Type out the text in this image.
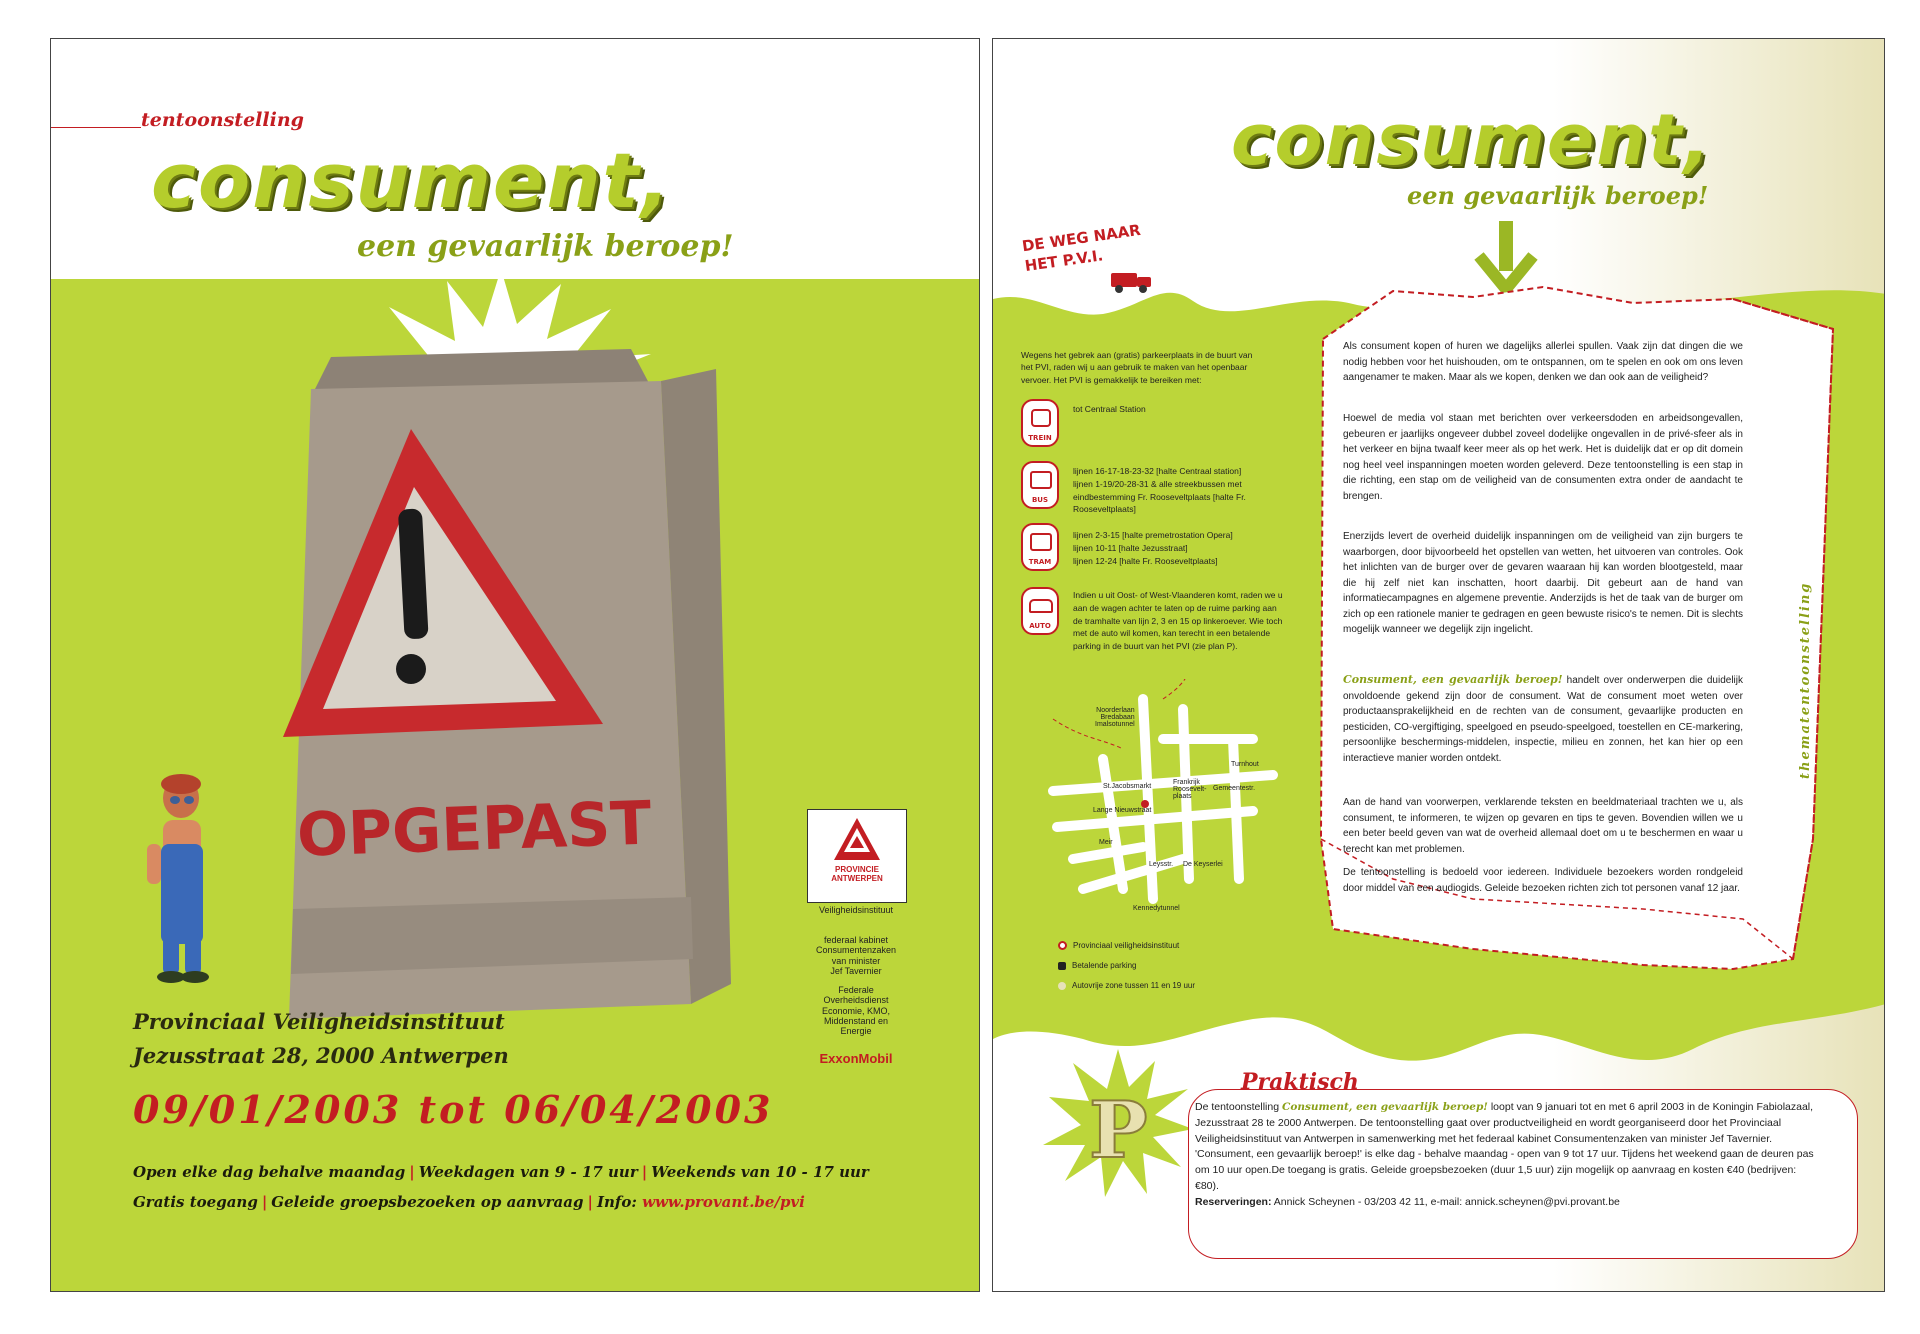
tentoonstelling
consument,
een gevaarlijk beroep!
OPGEPAST	PROVINCIE
ANTWERPEN
Veiligheidsinstituut
federaal kabinet
Consumentenzaken
van minister
Jef Tavernier
Federale
Overheidsdienst
Economie, KMO,
Middenstand en
Energie
ExxonMobil
Provinciaal Veiligheidsinstituut
Jezusstraat 28, 2000 Antwerpen
09/01/2003 tot 06/04/2003
Open elke dag behalve maandag | Weekdagen van 9 - 17 uur | Weekends van 10 - 17 uur
Gratis toegang | Geleide groepsbezoeken op aanvraag | Info: www.provant.be/pvi
consument,
een gevaarlijk beroep!
DE WEG NAAR
HET P.V.I.
Wegens het gebrek aan (gratis) parkeerplaats in de buurt van het PVI, raden wij u aan gebruik te maken van het openbaar vervoer. Het PVI is gemakkelijk te bereiken met:
TREIN
tot Centraal Station
BUS
lijnen 16-17-18-23-32 [halte Centraal station]
lijnen 1-19/20-28-31 & alle streekbussen met eindbestemming Fr. Rooseveltplaats [halte Fr. Rooseveltplaats]
TRAM
lijnen 2-3-15 [halte premetrostation Opera]
lijnen 10-11 [halte Jezusstraat]
lijnen 12-24 [halte Fr. Rooseveltplaats]
AUTO
Indien u uit Oost- of West-Vlaanderen komt, raden we u aan de wagen achter te laten op de ruime parking aan de tramhalte van lijn 2, 3 en 15 op linkeroever. Wie toch met de auto wil komen, kan terecht in een betalende parking in de buurt van het PVI (zie plan P).
Noorderlaan
Bredabaan
Imalsotunnel
Turnhout
St.Jacobsmarkt
Frankrijk
Roosevelt-
plaats
Gemeentestr.
Lange Nieuwstraat
Meir
Leysstr. De Keyserlei
Kennedytunnel
Provinciaal veiligheidsinstituut
Betalende parking
Autovrije zone tussen 11 en 19 uur
thematentoonstelling
Als consument kopen of huren we dagelijks allerlei spullen. Vaak zijn dat dingen die we nodig hebben voor het huishouden, om te ontspannen, om te spelen en ook om ons leven aangenamer te maken. Maar als we kopen, denken we dan ook aan de veiligheid?
Hoewel de media vol staan met berichten over verkeersdoden en arbeidsongevallen, gebeuren er jaarlijks ongeveer dubbel zoveel dodelijke ongevallen in de privé-sfeer als in het verkeer en bijna twaalf keer meer als op het werk. Het is duidelijk dat er op dit domein nog heel veel inspanningen moeten worden geleverd. Deze tentoonstelling is een stap in die richting, een stap om de veiligheid van de consumenten extra onder de aandacht te brengen.
Enerzijds levert de overheid duidelijk inspanningen om de veiligheid van zijn burgers te waarborgen, door bijvoorbeeld het opstellen van wetten, het uitvoeren van controles. Ook het inlichten van de burger over de gevaren waaraan hij kan worden blootgesteld, maar die hij zelf niet kan inschatten, hoort daarbij. Dit gebeurt aan de hand van informatiecampagnes en algemene preventie. Anderzijds is het de taak van de burger om zich op een rationele manier te gedragen en geen bewuste risico's te nemen. Dit is slechts mogelijk wanneer we degelijk zijn ingelicht.
Consument, een gevaarlijk beroep! handelt over onderwerpen die duidelijk onvoldoende gekend zijn door de consument. Wat de consument moet weten over productaansprakelijkheid en de rechten van de consument, gevaarlijke producten en pesticiden, CO-vergiftiging, speelgoed en pseudo-speelgoed, toestellen en CE-markering, persoonlijke beschermings-middelen, inspectie, milieu en zonnen, het kan hier op een interactieve manier worden ontdekt.
Aan de hand van voorwerpen, verklarende teksten en beeldmateriaal trachten we u, als consument, te informeren, te wijzen op gevaren en tips te geven. Bovendien willen we u een beter beeld geven van wat de overheid allemaal doet om u te beschermen en waar u terecht kan met problemen.
De tentoonstelling is bedoeld voor iedereen. Individuele bezoekers worden rondgeleid door middel van een audiogids. Geleide bezoeken richten zich tot personen vanaf 12 jaar.
P
Praktisch
De tentoonstelling Consument, een gevaarlijk beroep! loopt van 9 januari tot en met 6 april 2003 in de Koningin Fabiolazaal, Jezusstraat 28 te 2000 Antwerpen. De tentoonstelling gaat over productveiligheid en wordt georganiseerd door het Provinciaal Veiligheidsinstituut van Antwerpen in samenwerking met het federaal kabinet Consumentenzaken van minister Jef Tavernier.
'Consument, een gevaarlijk beroep!' is elke dag - behalve maandag - open van 9 tot 17 uur. Tijdens het weekend gaan de deuren pas om 10 uur open.De toegang is gratis. Geleide groepsbezoeken (duur 1,5 uur) zijn mogelijk op aanvraag en kosten €40 (bedrijven: €80).
Reserveringen: Annick Scheynen - 03/203 42 11, e-mail: annick.scheynen@pvi.provant.be
